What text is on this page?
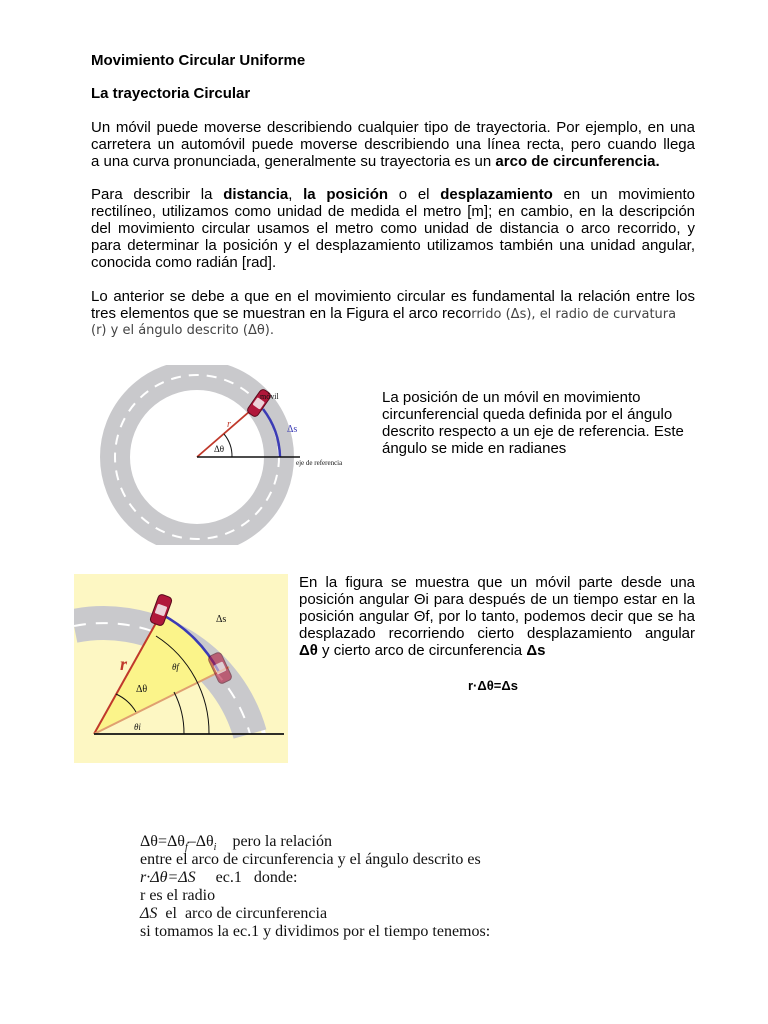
Movimiento Circular Uniforme
La trayectoria Circular
Un móvil puede moverse describiendo cualquier tipo de trayectoria. Por ejemplo, en una
carretera un automóvil puede moverse describiendo una línea recta, pero cuando llega
a una curva pronunciada, generalmente su trayectoria es un arco de circunferencia.
Para describir la distancia, la posición o el desplazamiento en un movimiento
rectilíneo, utilizamos como unidad de medida el metro [m]; en cambio, en la descripción
del movimiento circular usamos el metro como unidad de distancia o arco recorrido, y
para determinar la posición y el desplazamiento utilizamos también una unidad angular,
conocida como radián [rad].
Lo anterior se debe a que en el movimiento circular es fundamental la relación entre los
tres elementos que se muestran en la Figura el arco recorrido (Δs), el radio de curvatura
(r) y el ángulo descrito (Δθ).
móvil
r	Δs
Δθ
eje de referencia
La posición de un móvil en movimiento
circunferencial queda definida por el ángulo
descrito respecto a un eje de referencia. Este
ángulo se mide en radianes
r
Δs
Δθ
θf
θi
En la figura se muestra que un móvil parte desde una
posición angular Θi para después de un tiempo estar en la
posición angular Θf, por lo tanto, podemos decir que se ha
desplazado recorriendo cierto desplazamiento angular
Δθ y cierto arco de circunferencia Δs
r·Δθ=Δs
$\Delta\theta=\Delta\theta_f-\Delta\theta_i$    pero la relación
entre el arco de circunferencia y el ángulo descrito es
r·Δθ=ΔS     ec.1   donde:
r es el radio
ΔS  el  arco de circunferencia
si tomamos la ec.1 y dividimos por el tiempo tenemos:
